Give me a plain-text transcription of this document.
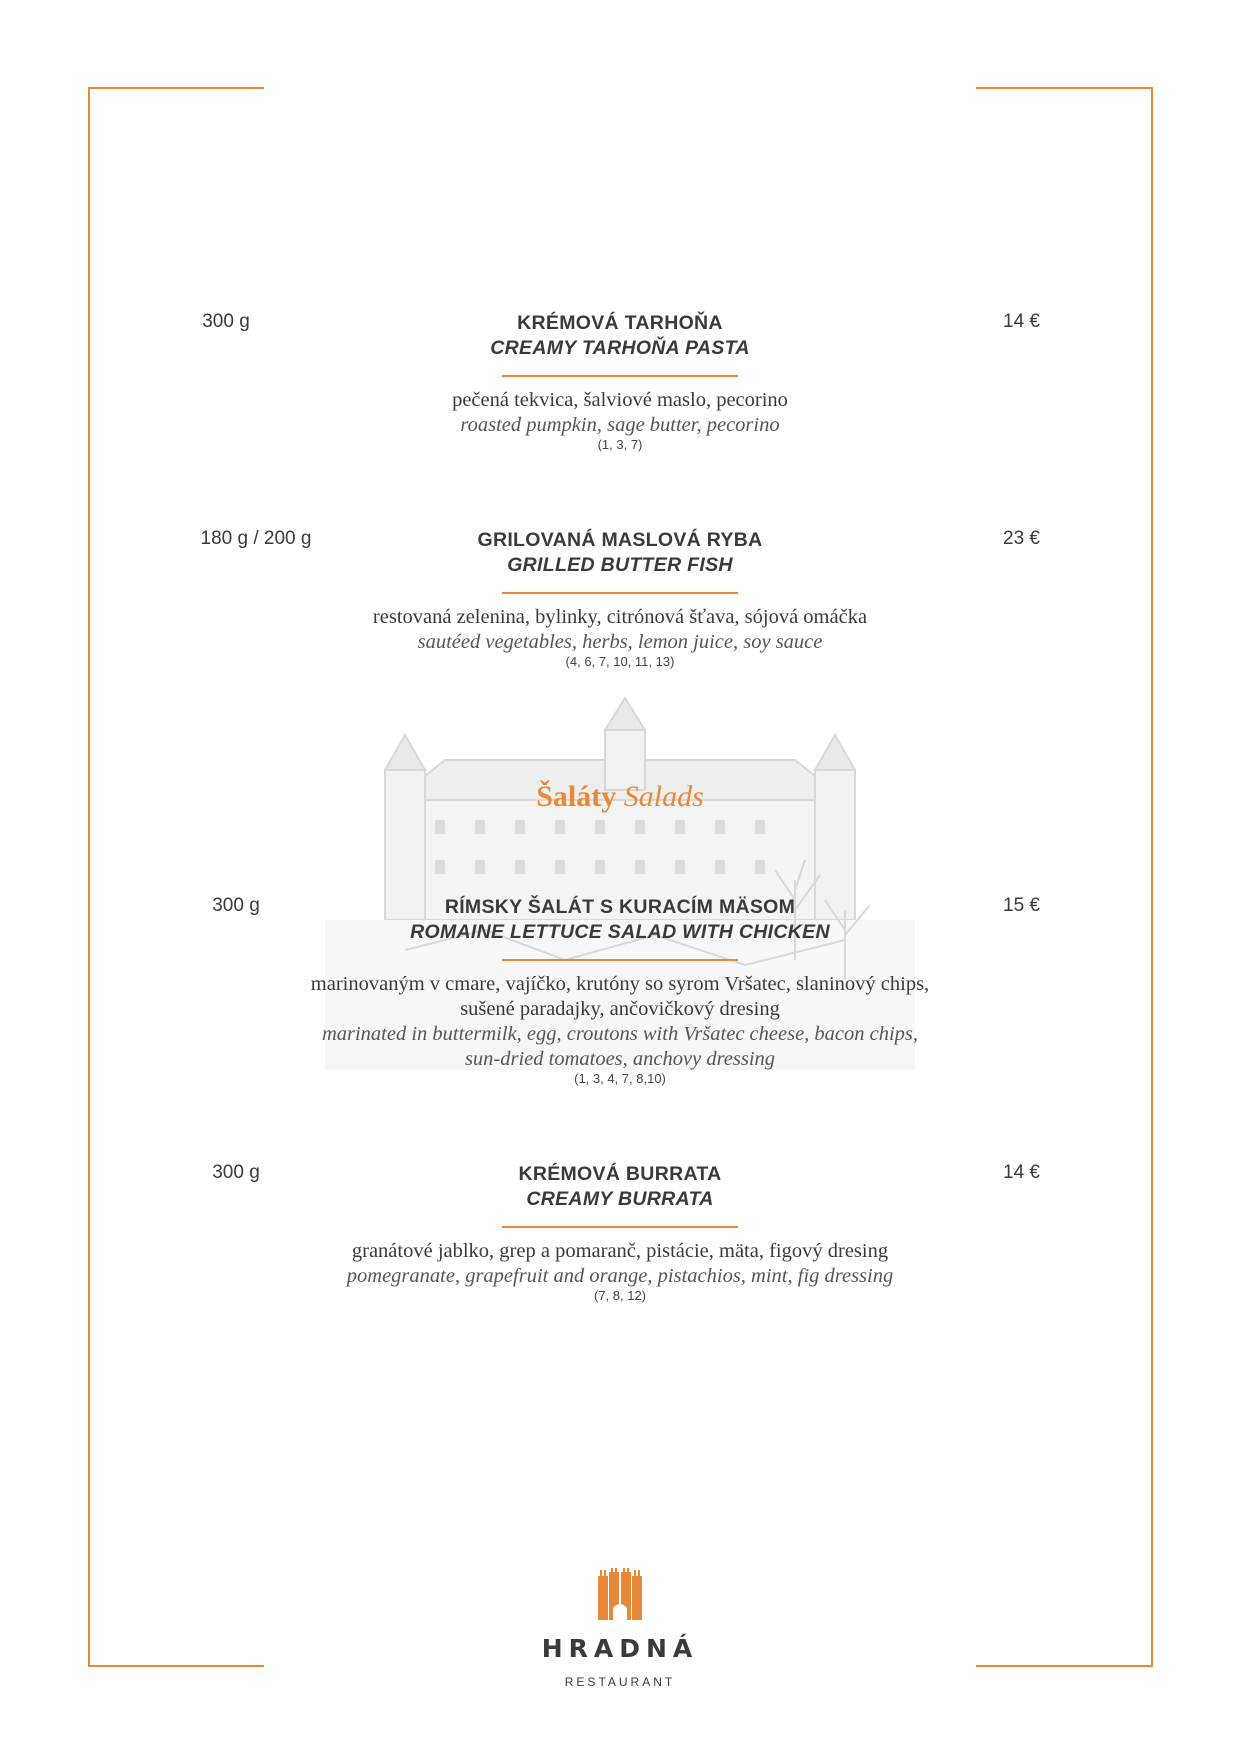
300 g	KRÉMOVÁ TARHOŇA
CREAMY TARHOŇA PASTA
pečená tekvica, šalviové maslo, pecorino
roasted pumpkin, sage butter, pecorino
(1, 3, 7)
14 €
180 g / 200 g	GRILOVANÁ MASLOVÁ RYBA
GRILLED BUTTER FISH
restovaná zelenina, bylinky, citrónová šťava, sójová omáčka
sautéed vegetables, herbs, lemon juice, soy sauce
(4, 6, 7, 10, 11, 13)
23 €
Šaláty Salads
300 g	RÍMSKY ŠALÁT S KURACÍM MÄSOM
ROMAINE LETTUCE SALAD WITH CHICKEN
marinovaným v cmare, vajíčko, krutóny so syrom Vršatec, slaninový chips,
sušené paradajky, ančovičkový dresing
marinated in buttermilk, egg, croutons with Vršatec cheese, bacon chips,
sun-dried tomatoes, anchovy dressing
(1, 3, 4, 7, 8,10)
15 €
300 g	KRÉMOVÁ BURRATA
CREAMY BURRATA
granátové jablko, grep a pomaranč, pistácie, mäta, figový dresing
pomegranate, grapefruit and orange, pistachios, mint, fig dressing
(7, 8, 12)
14 €
HRADNÁ
RESTAURANT
